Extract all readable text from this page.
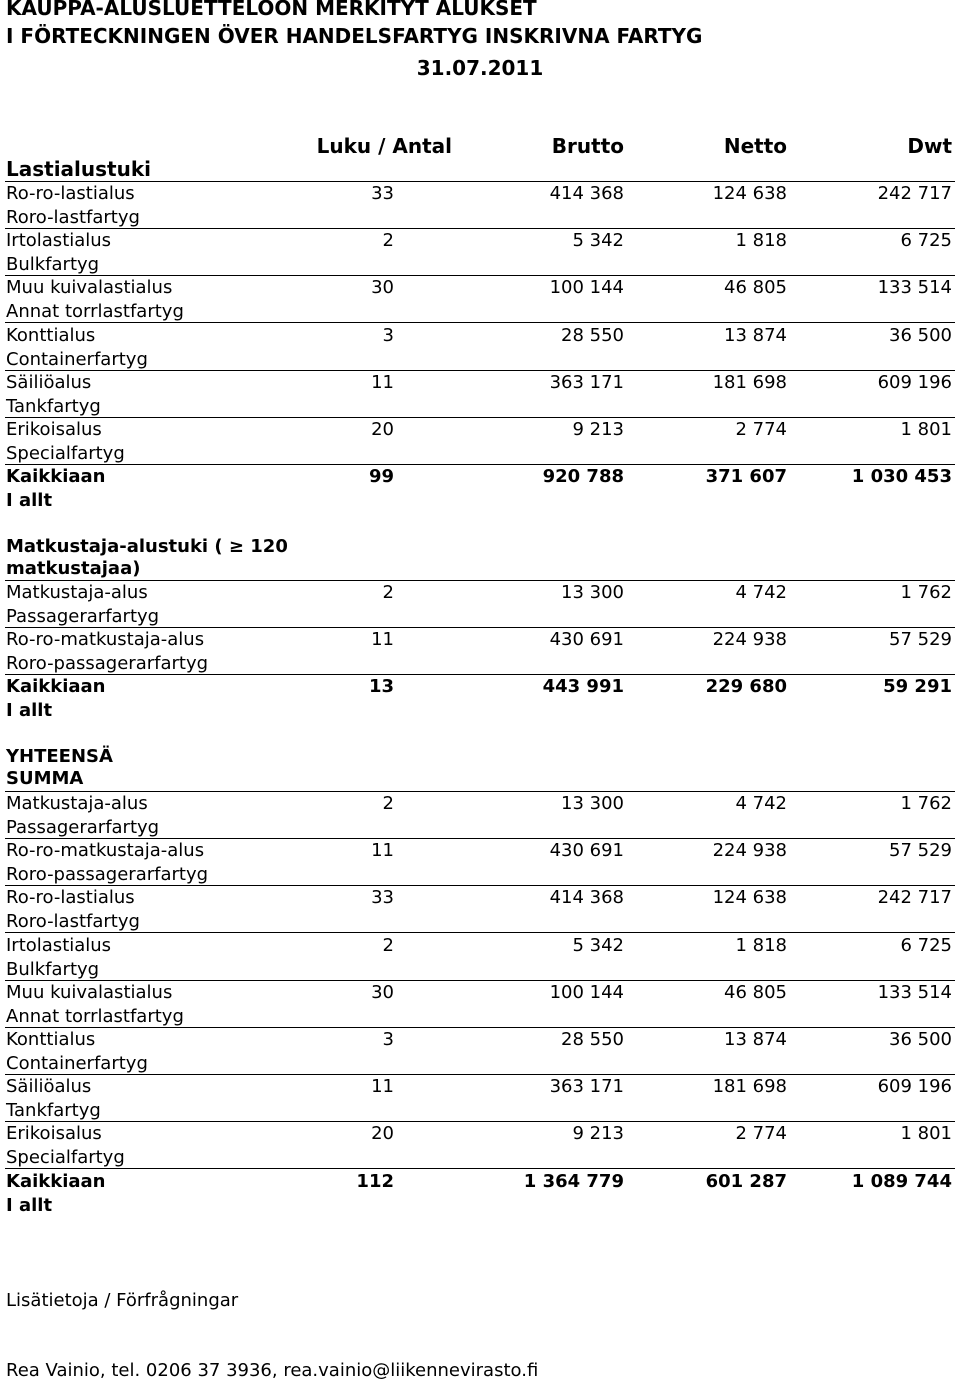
KAUPPA-ALUSLUETTELOON MERKITYT ALUKSET
I FÖRTECKNINGEN ÖVER HANDELSFARTYG INSKRIVNA FARTYG
31.07.2011
Luku / Antal	Brutto	Netto	Dwt
Lastialustuki
Ro-ro-lastialus
Roro-lastfartyg
33	414 368	124 638	242 717
Irtolastialus
Bulkfartyg
2	5 342	1 818	6 725
Muu kuivalastialus
Annat torrlastfartyg
30	100 144	46 805	133 514
Konttialus
Containerfartyg
3	28 550	13 874	36 500
Säiliöalus
Tankfartyg
11	363 171	181 698	609 196
Erikoisalus
Specialfartyg
20	9 213	2 774	1 801
Kaikkiaan
I allt
99	920 788	371 607	1 030 453
Matkustaja-alustuki ( ≥ 120
matkustajaa)
Matkustaja-alus
Passagerarfartyg
2	13 300	4 742	1 762
Ro-ro-matkustaja-alus
Roro-passagerarfartyg
11	430 691	224 938	57 529
Kaikkiaan
I allt
13	443 991	229 680	59 291
YHTEENSÄ
SUMMA
Matkustaja-alus
Passagerarfartyg
2	13 300	4 742	1 762
Ro-ro-matkustaja-alus
Roro-passagerarfartyg
11	430 691	224 938	57 529
Ro-ro-lastialus
Roro-lastfartyg
33	414 368	124 638	242 717
Irtolastialus
Bulkfartyg
2	5 342	1 818	6 725
Muu kuivalastialus
Annat torrlastfartyg
30	100 144	46 805	133 514
Konttialus
Containerfartyg
3	28 550	13 874	36 500
Säiliöalus
Tankfartyg
11	363 171	181 698	609 196
Erikoisalus
Specialfartyg
20	9 213	2 774	1 801
Kaikkiaan
I allt
112	1 364 779	601 287	1 089 744
Lisätietoja / Förfrågningar
Rea Vainio, tel. 0206 37 3936, rea.vainio@liikennevirasto.fi
